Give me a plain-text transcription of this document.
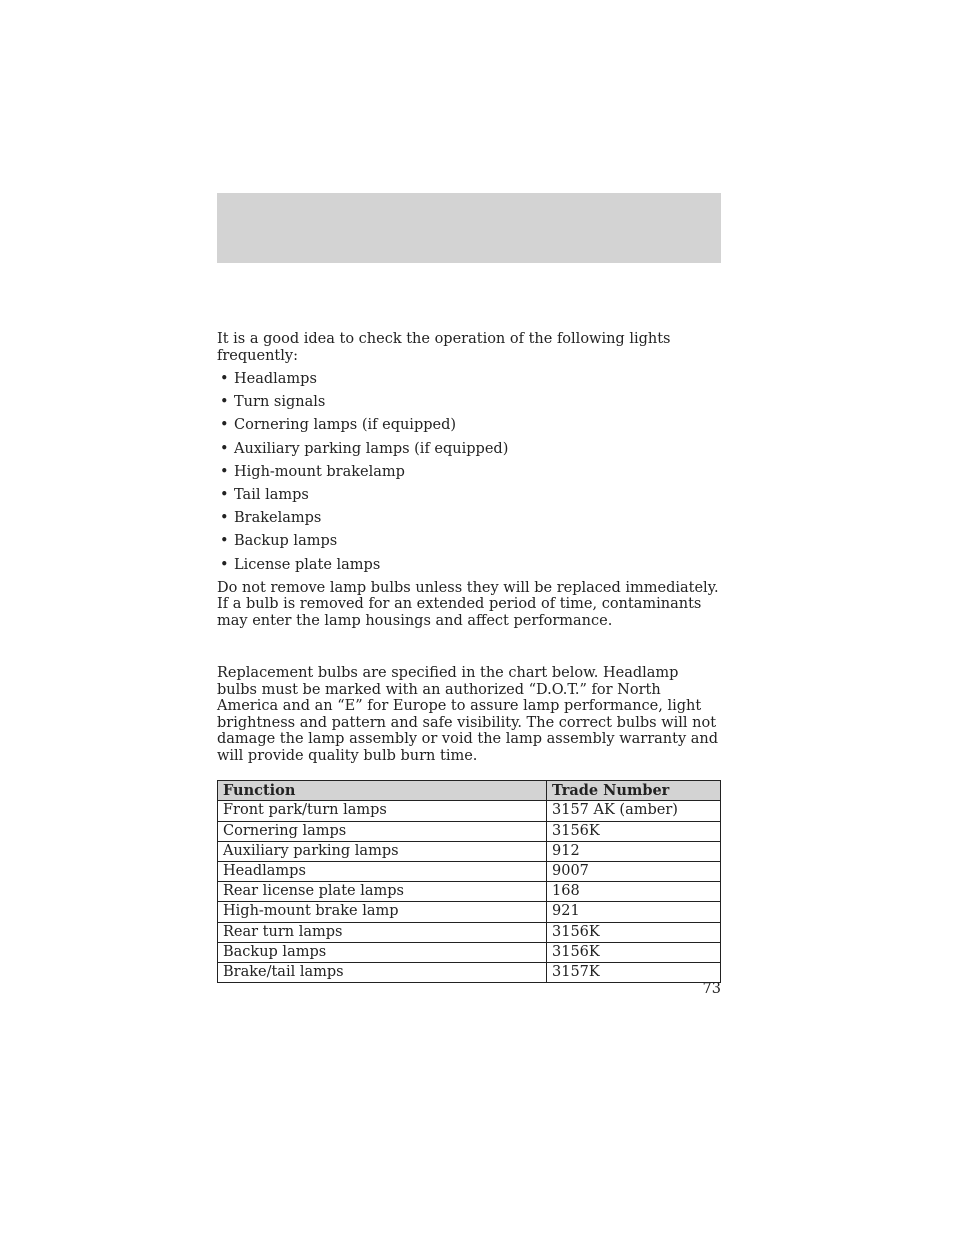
It is a good idea to check the operation of the following lights frequently:

• Headlamps
• Turn signals
• Cornering lamps (if equipped)
• Auxiliary parking lamps (if equipped)
• High-mount brakelamp
• Tail lamps
• Brakelamps
• Backup lamps
• License plate lamps

Do not remove lamp bulbs unless they will be replaced immediately. If a bulb is removed for an extended period of time, contaminants may enter the lamp housings and affect performance.

Replacement bulbs are specified in the chart below. Headlamp bulbs must be marked with an authorized “D.O.T.” for North America and an “E” for Europe to assure lamp performance, light brightness and pattern and safe visibility. The correct bulbs will not damage the lamp assembly or void the lamp assembly warranty and will provide quality bulb burn time.

Function	Trade Number
Front park/turn lamps	3157 AK (amber)
Cornering lamps	3156K
Auxiliary parking lamps	912
Headlamps	9007
Rear license plate lamps	168
High-mount brake lamp	921
Rear turn lamps	3156K
Backup lamps	3156K
Brake/tail lamps	3157K
73
